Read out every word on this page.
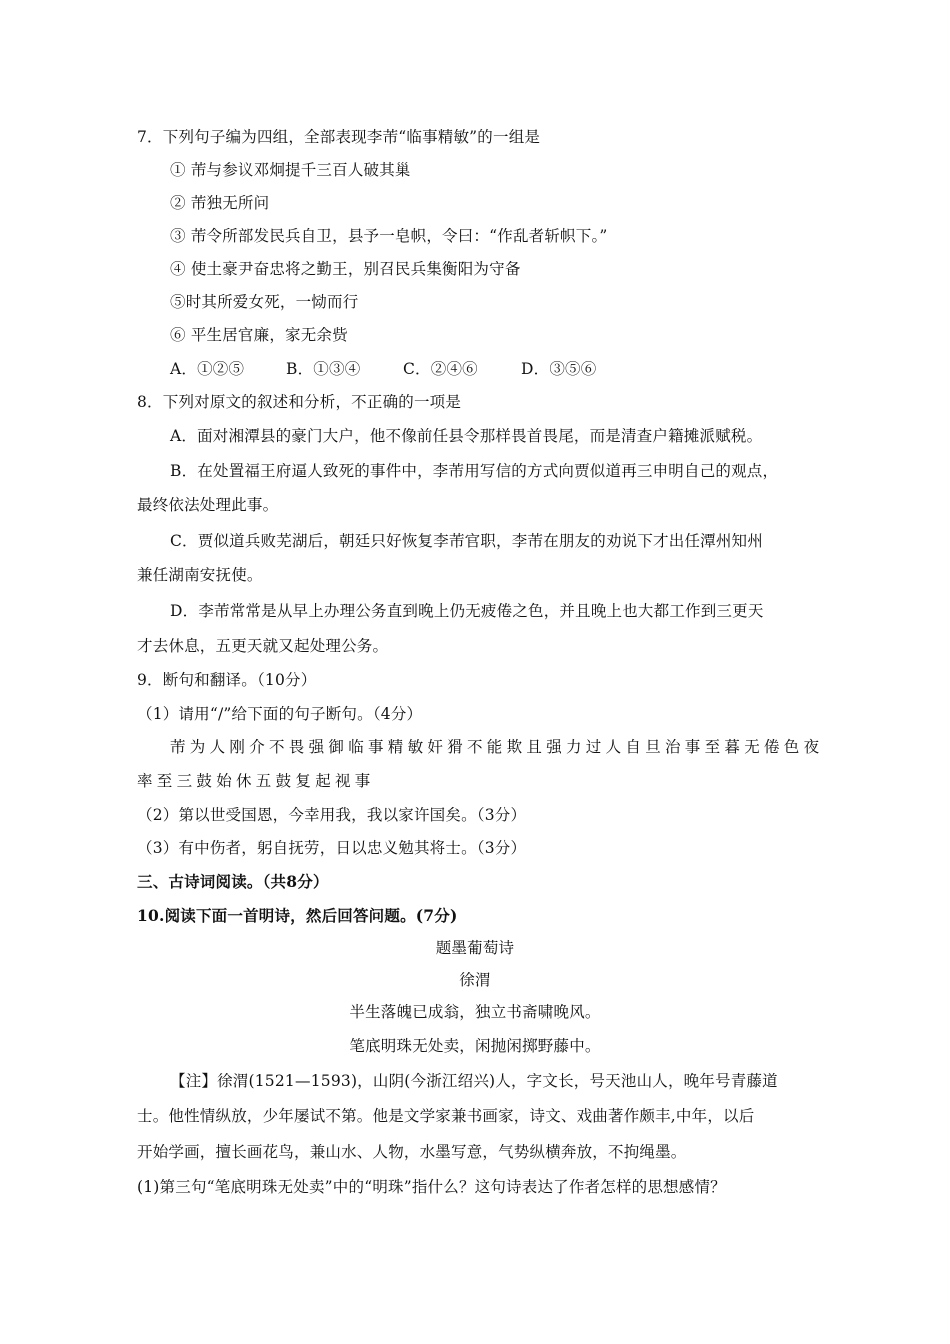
7．下列句子编为四组，全部表现李芾“临事精敏”的一组是
① 芾与参议邓炯提千三百人破其巢
② 芾独无所问
③ 芾令所部发民兵自卫，县予一皂帜，令曰：“作乱者斩帜下。”
④ 使土豪尹奋忠将之勤王，别召民兵集衡阳为守备
⑤时其所爱女死，一恸而行
⑥ 平生居官廉，家无余赀
A．①②⑤	B．①③④	C．②④⑥	D．③⑤⑥
8．下列对原文的叙述和分析，不正确的一项是
A．面对湘潭县的豪门大户，他不像前任县令那样畏首畏尾，而是清查户籍摊派赋税。
B．在处置福王府逼人致死的事件中，李芾用写信的方式向贾似道再三申明自己的观点，
最终依法处理此事。
C．贾似道兵败芜湖后，朝廷只好恢复李芾官职，李芾在朋友的劝说下才出任潭州知州
兼任湖南安抚使。
D．李芾常常是从早上办理公务直到晚上仍无疲倦之色，并且晚上也大都工作到三更天
才去休息，五更天就又起处理公务。
9．断句和翻译。（10分）
（1）请用“/”给下面的句子断句。（4分）
芾为人刚介不畏强御临事精敏奸猾不能欺且强力过人自旦治事至暮无倦色夜
率至三鼓始休五鼓复起视事
（2）第以世受国恩，今幸用我，我以家许国矣。（3分）
（3）有中伤者，躬自抚劳，日以忠义勉其将士。（3分）
三、古诗词阅读。（共8分）
10.阅读下面一首明诗，然后回答问题。(7分)
题墨葡萄诗
徐渭
半生落魄已成翁，独立书斋啸晚风。
笔底明珠无处卖，闲抛闲掷野藤中。
【注】徐渭(1521—1593)，山阴(今浙江绍兴)人，字文长，号天池山人，晚年号青藤道
士。他性情纵放，少年屡试不第。他是文学家兼书画家，诗文、戏曲著作颇丰,中年，以后
开始学画，擅长画花鸟，兼山水、人物，水墨写意，气势纵横奔放，不拘绳墨。
(1)第三句“笔底明珠无处卖”中的“明珠”指什么？这句诗表达了作者怎样的思想感情？
